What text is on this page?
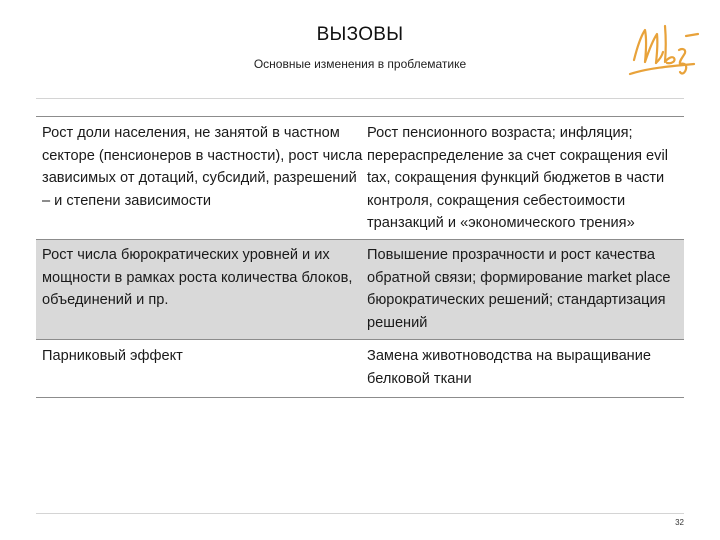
ВЫЗОВЫ
Основные изменения в проблематике
Рост доли населения, не занятой в частном секторе (пенсионеров в частности), рост числа зависимых от дотаций, субсидий, разрешений – и степени зависимости
Рост пенсионного возраста; инфляция; перераспределение за счет сокращения evil tax, сокращения функций бюджетов в части контроля, сокращения себестоимости транзакций и «экономического трения»
Рост числа бюрократических уровней и их мощности в рамках роста количества блоков, объединений и пр.
Повышение прозрачности и рост качества обратной связи; формирование market place бюрократических решений; стандартизация решений
Парниковый эффект	Замена животноводства на выращивание белковой ткани
32
